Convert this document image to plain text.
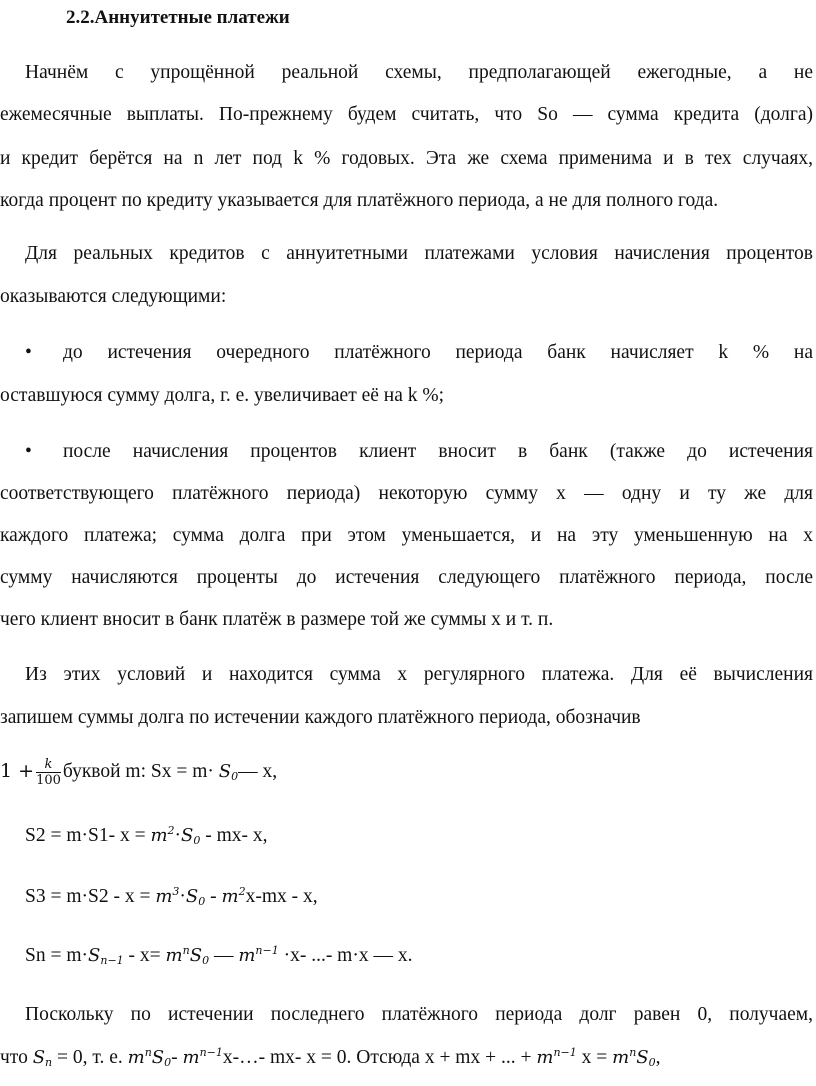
2.2.Аннуитетные платежи
Начнём с упрощённой реальной схемы, предполагающей ежегодные, а не
ежемесячные выплаты. По-прежнему будем считать, что So — сумма кредита (долга)
и кредит берётся на n лет под k % годовых. Эта же схема применима и в тех случаях,
когда процент по кредиту указывается для платёжного периода, а не для полного года.
Для реальных кредитов с аннуитетными платежами условия начисления процентов
оказываются следующими:
•	до истечения очередного платёжного периода банк начисляет k % на
оставшуюся сумму долга, г. е. увеличивает её на k %;
•	после начисления процентов клиент вносит в банк (также до истечения
соответствующего платёжного периода) некоторую сумму x — одну и ту же для
каждого платежа; сумма долга при этом уменьшается, и на эту уменьшенную на x
сумму начисляются проценты до истечения следующего платёжного периода, после
чего клиент вносит в банк платёж в размере той же суммы x и т. п.
Из этих условий и находится сумма x регулярного платежа. Для её вычисления
запишем суммы долга по истечении каждого платёжного периода, обозначив
$1 + \frac{k}{100}$ буквой m: $Sx = m\cdot S_0—$ x,
S2 = m·S1- $x = m^2\cdot S_0 - mx-$ x,
$S3 = m\cdot S2 - x = m^3\cdot S_0 - m^2x-mx - x$,
$Sn = m\cdot S_{n-1} - x= m^nS_0$ — $m^{n-1} \cdot x-$ ...- m·x — x.
Поскольку по истечении последнего платёжного периода долг равен 0, получаем,
что $S_n = 0$, т. е. $m^nS_0-$ $m^{n-1}x-\dots-$ mx- x = 0. Отсюда x + mx + ... + $m^{n-1}$ $x = m^nS_0$,
